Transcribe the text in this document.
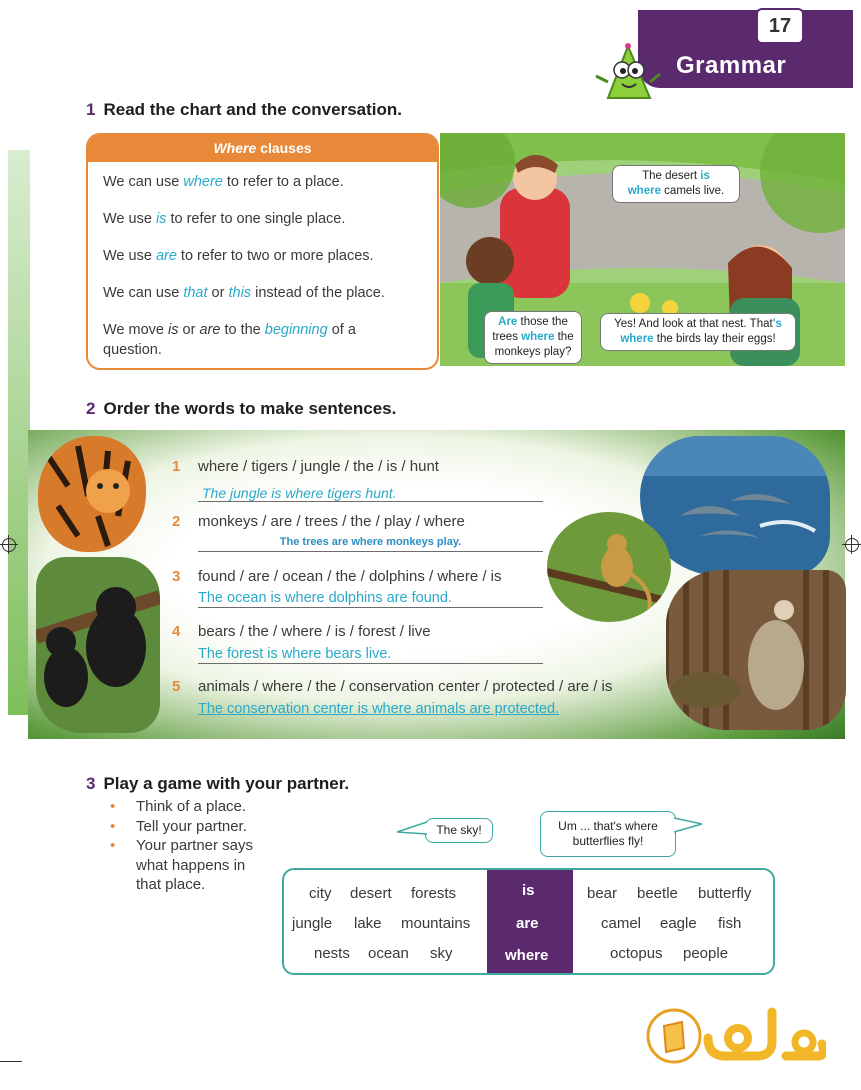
Grammar
17
1 Read the chart and the conversation.
Where clauses

We can use where to refer to a place.

We use is to refer to one single place.

We use are to refer to two or more places.

We can use that or this instead of the place.

We move is or are to the beginning of a question.

The desert is
where camels live.
Are those the
trees where the
monkeys play?
Yes! And look at that nest. That's
where the birds lay their eggs!
2 Order the words to make sentences.
1 where / tigers / jungle / the / is / hunt
The jungle is where tigers hunt.
2 monkeys / are / trees / the / play / where
The trees are where monkeys play.
3 found / are / ocean / the / dolphins / where / is
The ocean is where dolphins are found.
4 bears / the / where / is / forest / live
The forest is where bears live.
5 animals / where / the / conservation center / protected / are / is
The conservation center is where animals are protected.
3 Play a game with your partner.
• Think of a place.
• Tell your partner.
• Your partner says what happens in that place.
The sky!	Um ... that's where butterflies fly!
city desert forests
jungle lake mountains
nests ocean sky
is
are
where
bear beetle butterfly
camel eagle fish
octopus people
